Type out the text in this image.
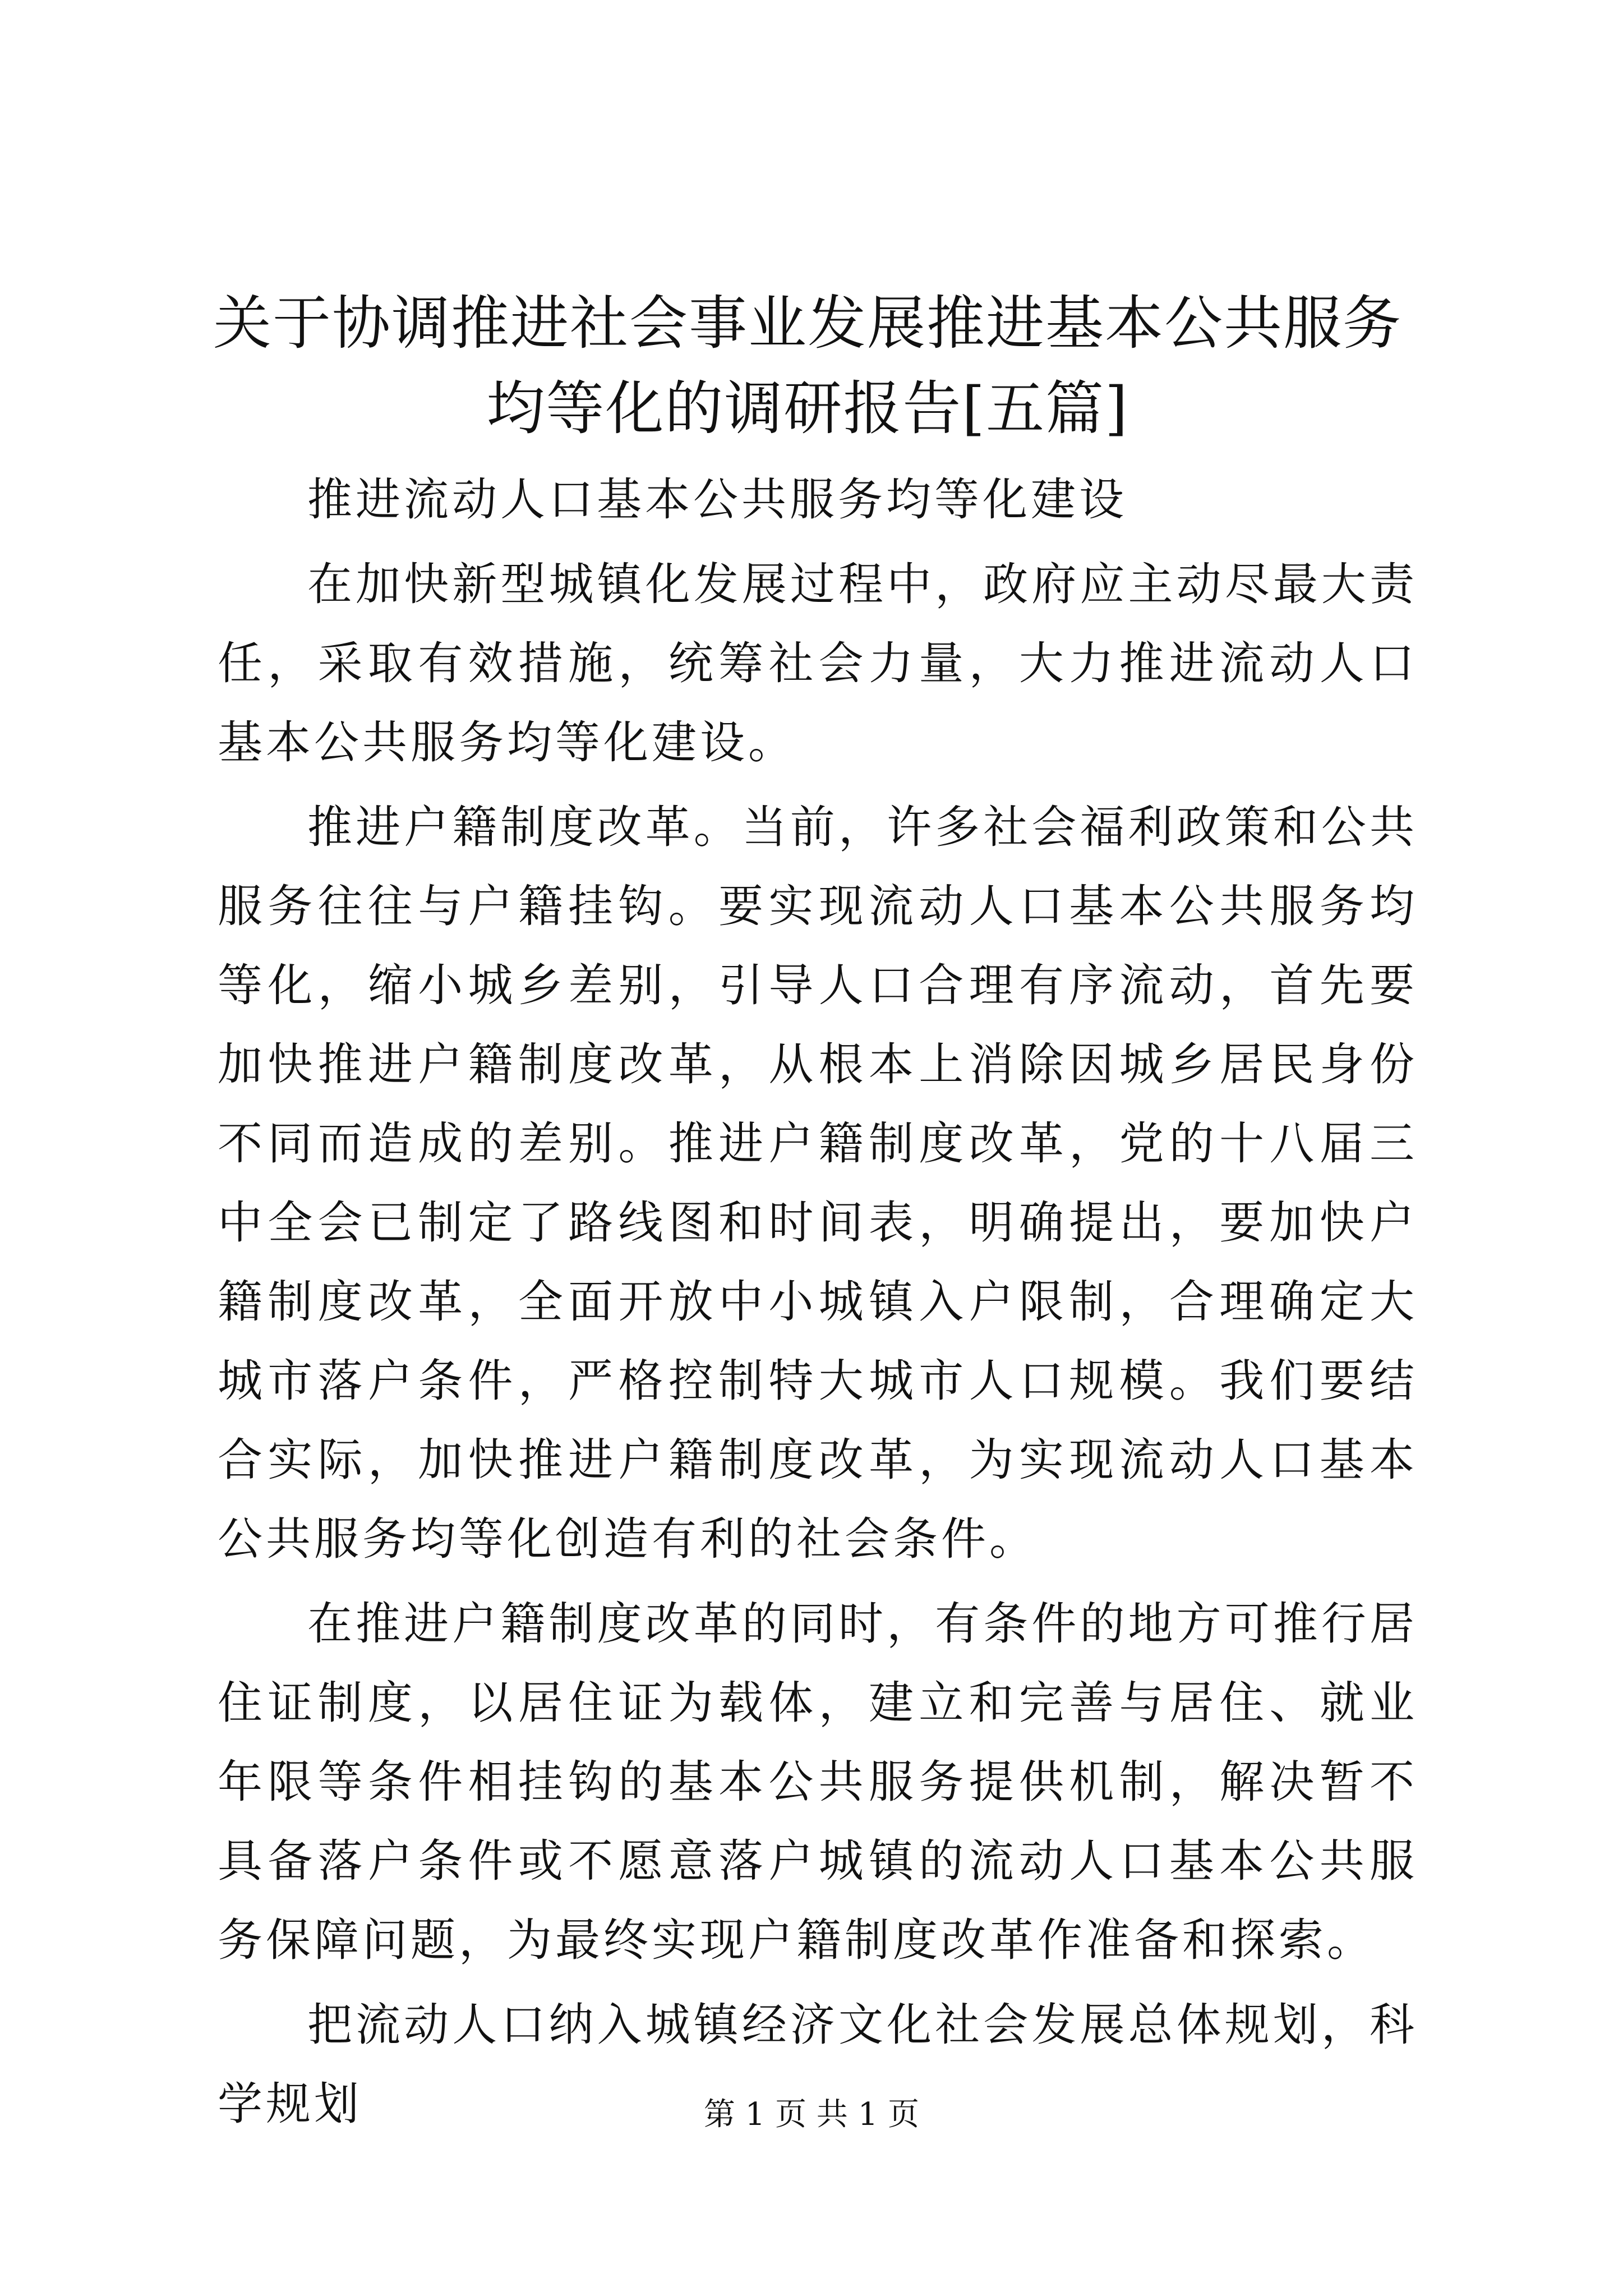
关于协调推进社会事业发展推进基本公共服务
均等化的调研报告[五篇]

推进流动人口基本公共服务均等化建设

在加快新型城镇化发展过程中，政府应主动尽最大责任，采取有效措施，统筹社会力量，大力推进流动人口基本公共服务均等化建设。

推进户籍制度改革。当前，许多社会福利政策和公共服务往往与户籍挂钩。要实现流动人口基本公共服务均等化，缩小城乡差别，引导人口合理有序流动，首先要加快推进户籍制度改革，从根本上消除因城乡居民身份不同而造成的差别。推进户籍制度改革，党的十八届三中全会已制定了路线图和时间表，明确提出，要加快户籍制度改革，全面开放中小城镇入户限制，合理确定大城市落户条件，严格控制特大城市人口规模。我们要结合实际，加快推进户籍制度改革，为实现流动人口基本公共服务均等化创造有利的社会条件。

在推进户籍制度改革的同时，有条件的地方可推行居住证制度，以居住证为载体，建立和完善与居住、就业年限等条件相挂钩的基本公共服务提供机制，解决暂不具备落户条件或不愿意落户城镇的流动人口基本公共服务保障问题，为最终实现户籍制度改革作准备和探索。

把流动人口纳入城镇经济文化社会发展总体规划，科学规划	第 1 页 共 1 页
